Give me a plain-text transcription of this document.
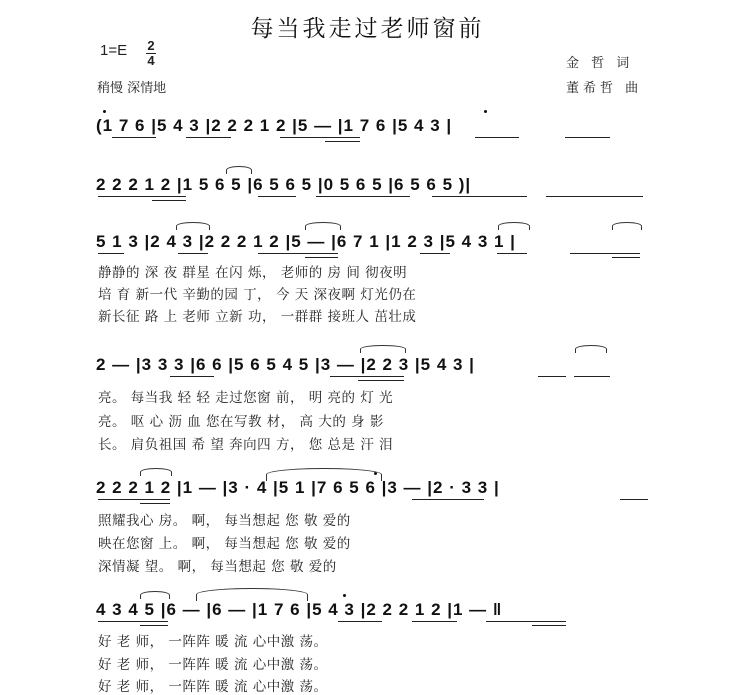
每当我走过老师窗前
1=E 2
4
稍慢 深情地
金 哲 词
董希哲 曲
(1 7 6 |5 4 3 |2 2 2 1 2 |5 — |1 7 6 |5 4 3 |
2 2 2 1 2 |1 5 6 5 |6 5 6 5 |0 5 6 5 |6 5 6 5 )|
5 1 3 |2 4 3 |2 2 2 1 2 |5 — |6 7 1 |1 2 3 |5 4 3 1 |
静静的 深 夜 群星 在闪 烁， 老师的 房 间 彻夜明
培 育 新一代 辛勤的园 丁， 今 天 深夜啊 灯光仍在
新长征 路 上 老师 立新 功， 一群群 接班人 茁壮成
2 — |3 3 3 |6 6 |5 6 5 4 5 |3 — |2 2 3 |5 4 3 |
亮。 每当我 轻 轻 走过您窗 前， 明 亮的 灯 光
亮。 呕 心 沥 血 您在写教 材， 高 大的 身 影
长。 肩负祖国 希 望 奔向四 方， 您 总是 汗 泪
2 2 2 1 2 |1 — |3 · 4 |5 1 |7 6 5 6 |3 — |2 · 3 3 |
照耀我心 房。 啊， 每当想起 您 敬 爱的
映在您窗 上。 啊， 每当想起 您 敬 爱的
深情凝 望。 啊， 每当想起 您 敬 爱的
4 3 4 5 |6 — |6 — |1 7 6 |5 4 3 |2 2 2 1 2 |1 — ‖
好 老 师， 一阵阵 暖 流 心中激 荡。
好 老 师， 一阵阵 暖 流 心中激 荡。
好 老 师， 一阵阵 暖 流 心中激 荡。
